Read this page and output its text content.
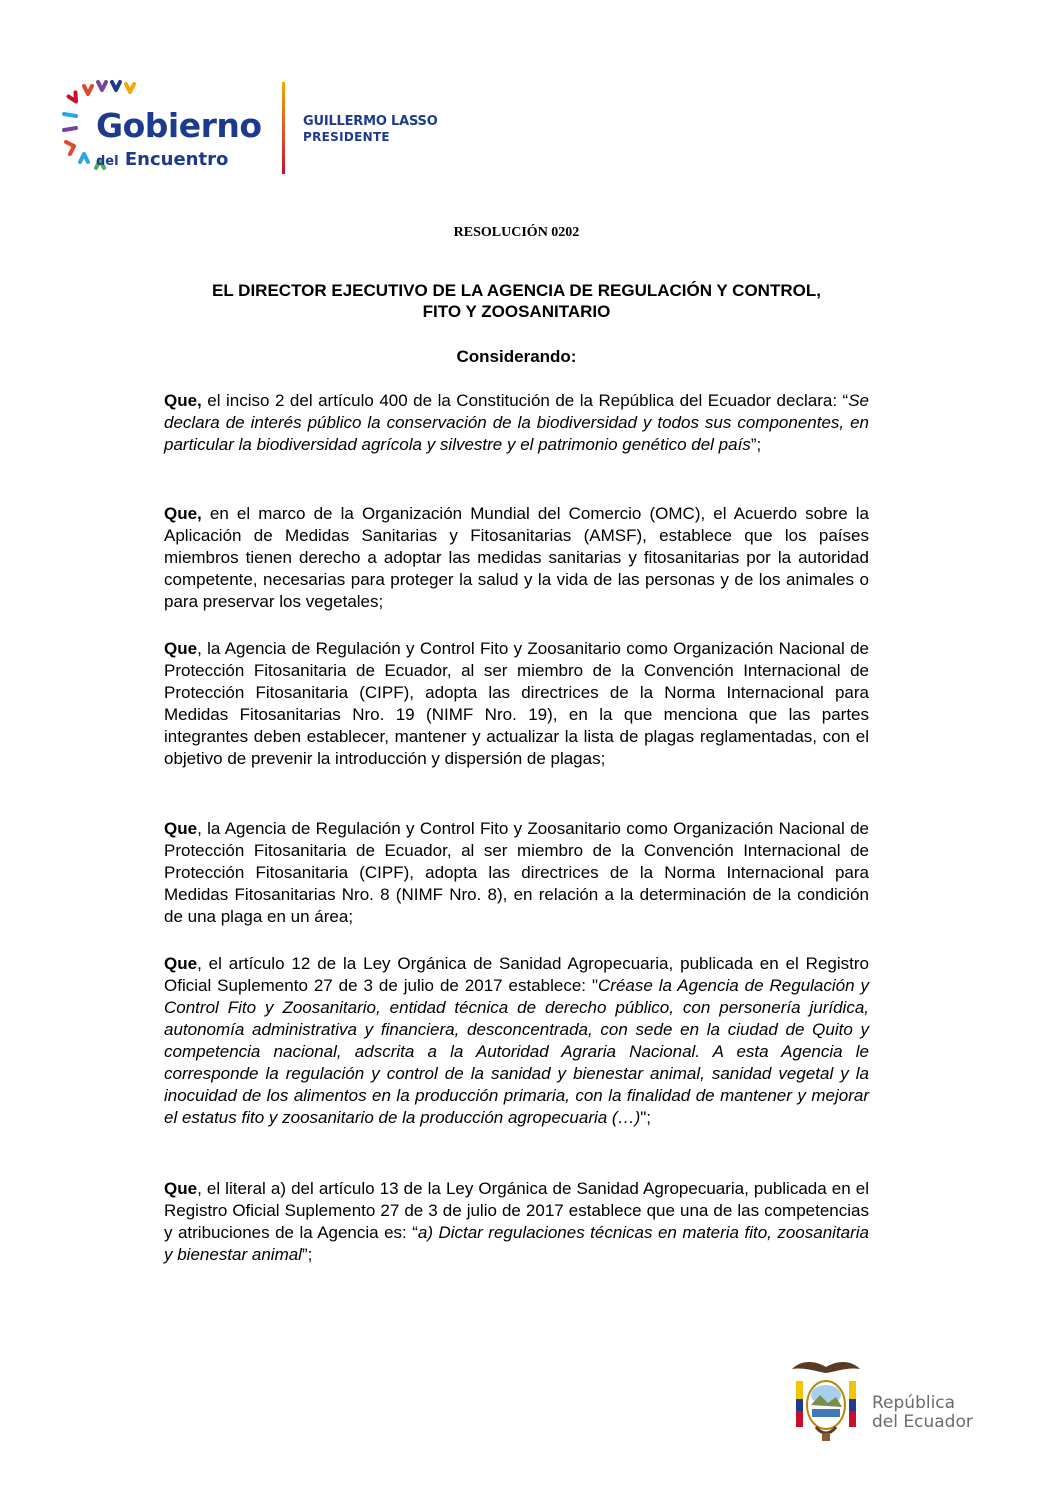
Gobierno
del Encuentro
GUILLERMO LASSO
PRESIDENTE
RESOLUCIÓN 0202
EL DIRECTOR EJECUTIVO DE LA AGENCIA DE REGULACIÓN Y CONTROL,
FITO Y ZOOSANITARIO
Considerando:

Que, el inciso 2 del artículo 400 de la Constitución de la República del Ecuador declara: “Se declara de interés público la conservación de la biodiversidad y todos sus componentes, en particular la biodiversidad agrícola y silvestre y el patrimonio genético del país”;

Que, en el marco de la Organización Mundial del Comercio (OMC), el Acuerdo sobre la Aplicación de Medidas Sanitarias y Fitosanitarias (AMSF), establece que los países miembros tienen derecho a adoptar las medidas sanitarias y fitosanitarias por la autoridad competente, necesarias para proteger la salud y la vida de las personas y de los animales o para preservar los vegetales;

Que, la Agencia de Regulación y Control Fito y Zoosanitario como Organización Nacional de Protección Fitosanitaria de Ecuador, al ser miembro de la Convención Internacional de Protección Fitosanitaria (CIPF), adopta las directrices de la Norma Internacional para Medidas Fitosanitarias Nro. 19 (NIMF Nro. 19), en la que menciona que las partes integrantes deben establecer, mantener y actualizar la lista de plagas reglamentadas, con el objetivo de prevenir la introducción y dispersión de plagas;

Que, la Agencia de Regulación y Control Fito y Zoosanitario como Organización Nacional de Protección Fitosanitaria de Ecuador, al ser miembro de la Convención Internacional de Protección Fitosanitaria (CIPF), adopta las directrices de la Norma Internacional para Medidas Fitosanitarias Nro. 8 (NIMF Nro. 8), en relación a la determinación de la condición de una plaga en un área;

Que, el artículo 12 de la Ley Orgánica de Sanidad Agropecuaria, publicada en el Registro Oficial Suplemento 27 de 3 de julio de 2017 establece: "Créase la Agencia de Regulación y Control Fito y Zoosanitario, entidad técnica de derecho público, con personería jurídica, autonomía administrativa y financiera, desconcentrada, con sede en la ciudad de Quito y competencia nacional, adscrita a la Autoridad Agraria Nacional. A esta Agencia le corresponde la regulación y control de la sanidad y bienestar animal, sanidad vegetal y la inocuidad de los alimentos en la producción primaria, con la finalidad de mantener y mejorar el estatus fito y zoosanitario de la producción agropecuaria (…)";

Que, el literal a) del artículo 13 de la Ley Orgánica de Sanidad Agropecuaria, publicada en el Registro Oficial Suplemento 27 de 3 de julio de 2017 establece que una de las competencias y atribuciones de la Agencia es: “a) Dictar regulaciones técnicas en materia fito, zoosanitaria y bienestar animal”;

República
del Ecuador
